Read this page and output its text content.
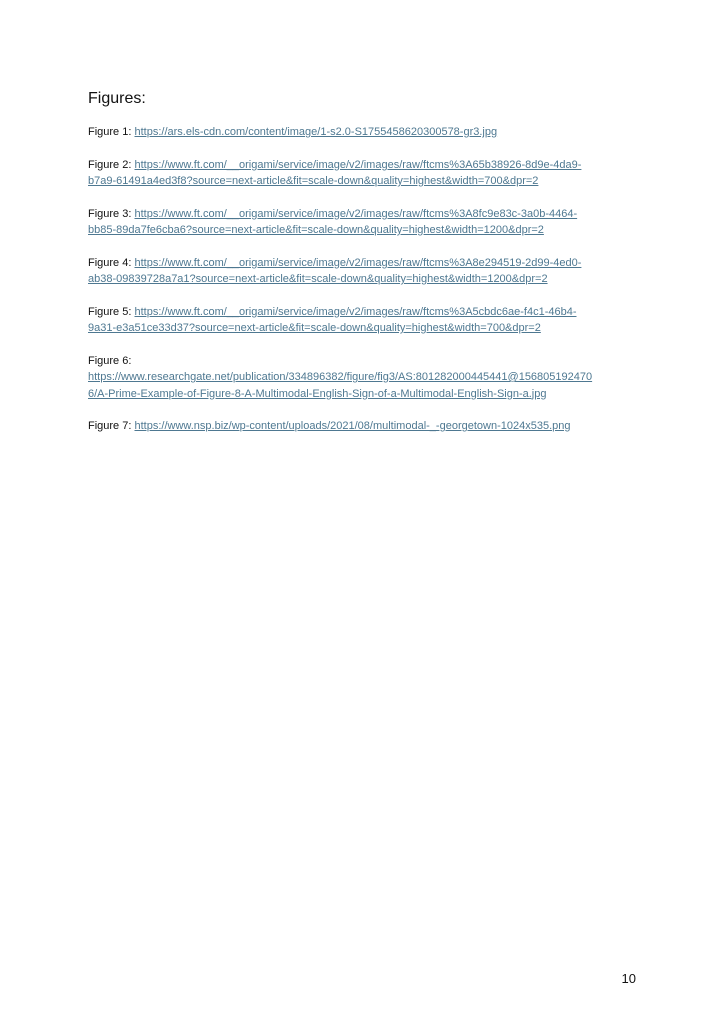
Figures:
Figure 1: https://ars.els-cdn.com/content/image/1-s2.0-S1755458620300578-gr3.jpg
Figure 2: https://www.ft.com/__origami/service/image/v2/images/raw/ftcms%3A65b38926-8d9e-4da9-
b7a9-61491a4ed3f8?source=next-article&fit=scale-down&quality=highest&width=700&dpr=2
Figure 3: https://www.ft.com/__origami/service/image/v2/images/raw/ftcms%3A8fc9e83c-3a0b-4464-
bb85-89da7fe6cba6?source=next-article&fit=scale-down&quality=highest&width=1200&dpr=2
Figure 4: https://www.ft.com/__origami/service/image/v2/images/raw/ftcms%3A8e294519-2d99-4ed0-
ab38-09839728a7a1?source=next-article&fit=scale-down&quality=highest&width=1200&dpr=2
Figure 5: https://www.ft.com/__origami/service/image/v2/images/raw/ftcms%3A5cbdc6ae-f4c1-46b4-
9a31-e3a51ce33d37?source=next-article&fit=scale-down&quality=highest&width=700&dpr=2
Figure 6:
https://www.researchgate.net/publication/334896382/figure/fig3/AS:801282000445441@156805192470
6/A-Prime-Example-of-Figure-8-A-Multimodal-English-Sign-of-a-Multimodal-English-Sign-a.jpg
Figure 7: https://www.nsp.biz/wp-content/uploads/2021/08/multimodal-_-georgetown-1024x535.png
10
